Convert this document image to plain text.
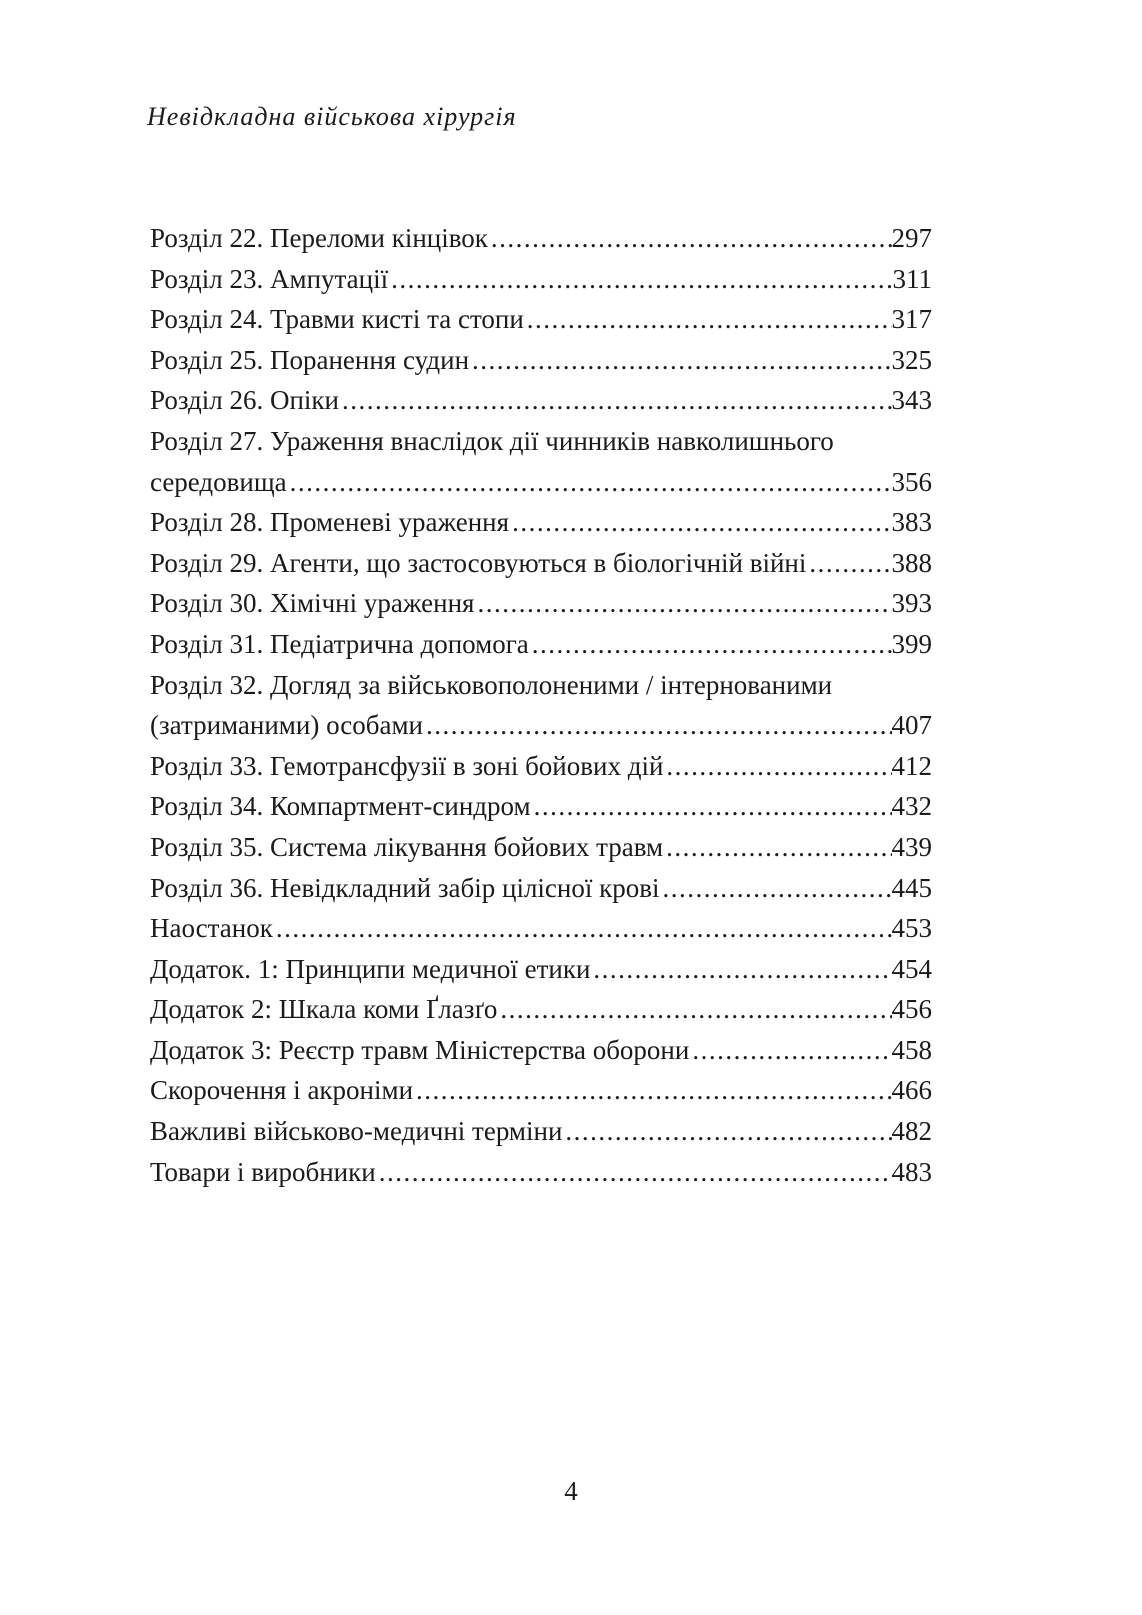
Невідкладна військова хірургія
Розділ 22. Переломи кінцівок .....	297
Розділ 23. Ампутації .....	311
Розділ 24. Травми кисті та стопи .....	317
Розділ 25. Поранення судин .....	325
Розділ 26. Опіки .....	343
Розділ 27. Ураження внаслідок дії чинників навколишнього
середовища .....	356
Розділ 28. Променеві ураження .....	383
Розділ 29. Агенти, що застосовуються в біологічній війні .....	388
Розділ 30. Хімічні ураження .....	393
Розділ 31. Педіатрична допомога .....	399
Розділ 32. Догляд за військовополоненими / інтернованими
(затриманими) особами .....	407
Розділ 33. Гемотрансфузії в зоні бойових дій .....	412
Розділ 34. Компартмент-синдром .....	432
Розділ 35. Система лікування бойових травм .....	439
Розділ 36. Невідкладний забір цілісної крові .....	445
Наостанок .....	453
Додаток. 1: Принципи медичної етики .....	454
Додаток 2: Шкала коми Ґлазґо .....	456
Додаток 3: Реєстр травм Міністерства оборони .....	458
Скорочення і акроніми .....	466
Важливі військово-медичні терміни .....	482
Товари і виробники .....	483
4
